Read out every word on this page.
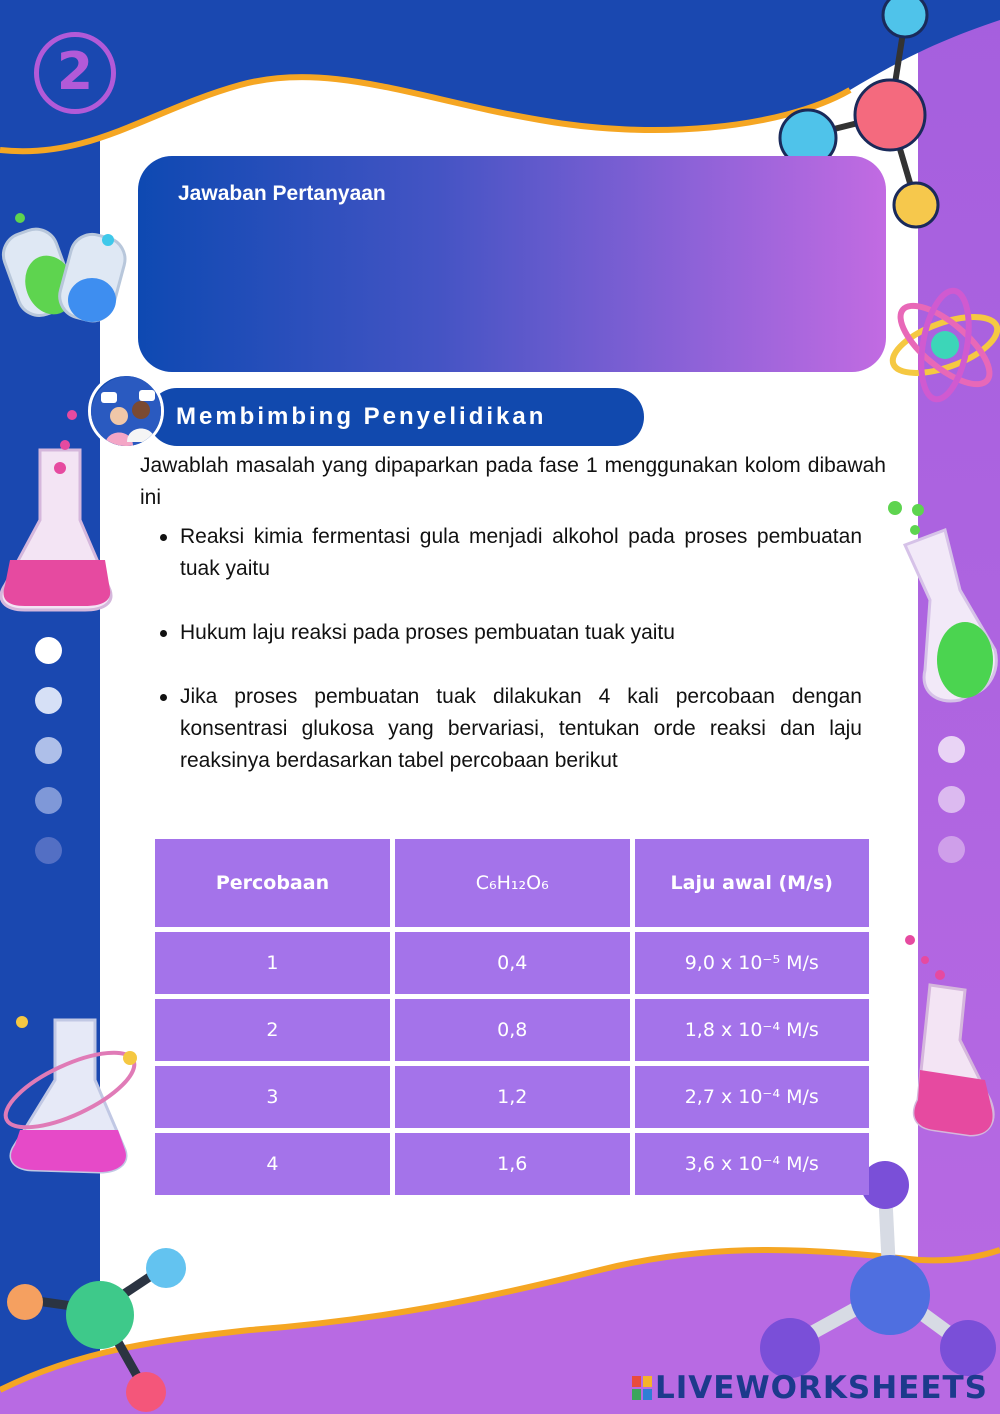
2
Jawaban Pertanyaan
Membimbing Penyelidikan

Jawablah masalah yang dipaparkan pada fase 1 menggunakan kolom dibawah ini

Reaksi kimia fermentasi gula menjadi alkohol pada proses pembuatan tuak yaitu

Hukum laju reaksi pada proses pembuatan tuak yaitu

Jika proses pembuatan tuak dilakukan 4 kali percobaan dengan konsentrasi glukosa yang bervariasi, tentukan orde reaksi dan laju reaksinya berdasarkan tabel percobaan berikut

Percobaan	C₆H₁₂O₆	Laju awal (M/s)
1	0,4	9,0 x 10⁻⁵ M/s
2	0,8	1,8 x 10⁻⁴ M/s
3	1,2	2,7 x 10⁻⁴ M/s
4	1,6	3,6 x 10⁻⁴ M/s
LIVEWORKSHEETS
